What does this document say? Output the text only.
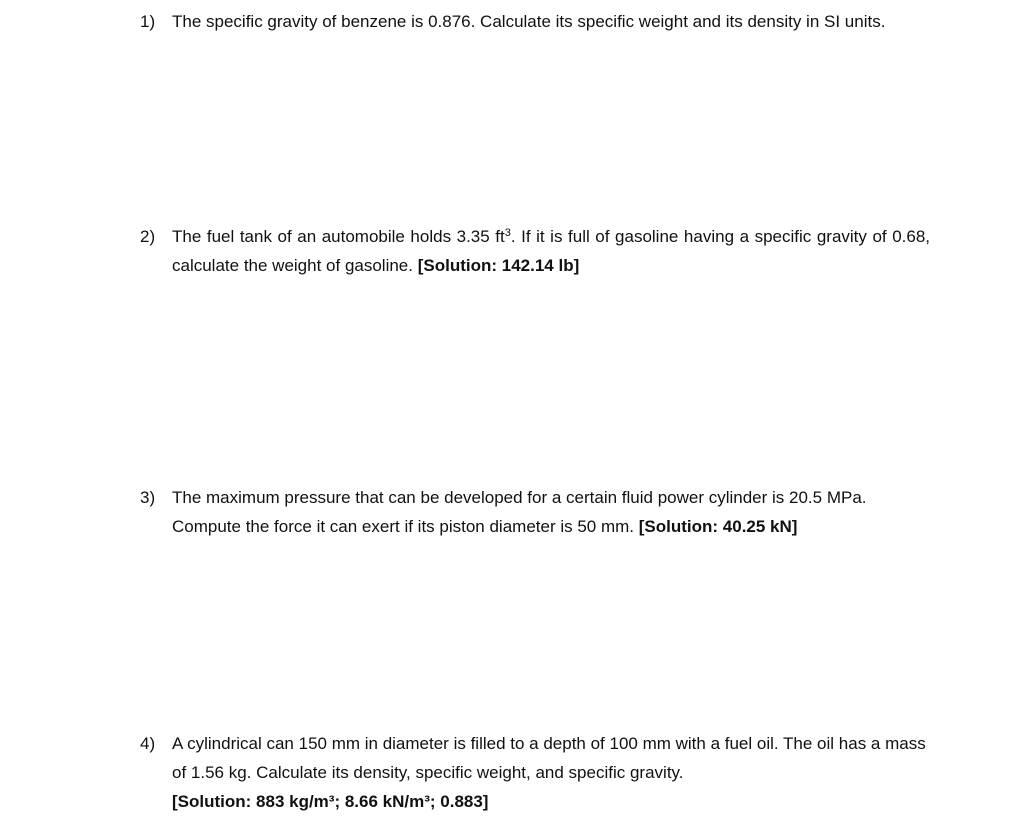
1) The specific gravity of benzene is 0.876. Calculate its specific weight and its density in SI units.
2) The fuel tank of an automobile holds 3.35 $ft^3$. If it is full of gasoline having a specific gravity of 0.68, calculate the weight of gasoline. [Solution: 142.14 lb]
3) The maximum pressure that can be developed for a certain fluid power cylinder is 20.5 MPa. Compute the force it can exert if its piston diameter is 50 mm. [Solution: 40.25 kN]
4) A cylindrical can 150 mm in diameter is filled to a depth of 100 mm with a fuel oil. The oil has a mass of 1.56 kg. Calculate its density, specific weight, and specific gravity.
[Solution: 883 kg/m³; 8.66 kN/m³; 0.883]
